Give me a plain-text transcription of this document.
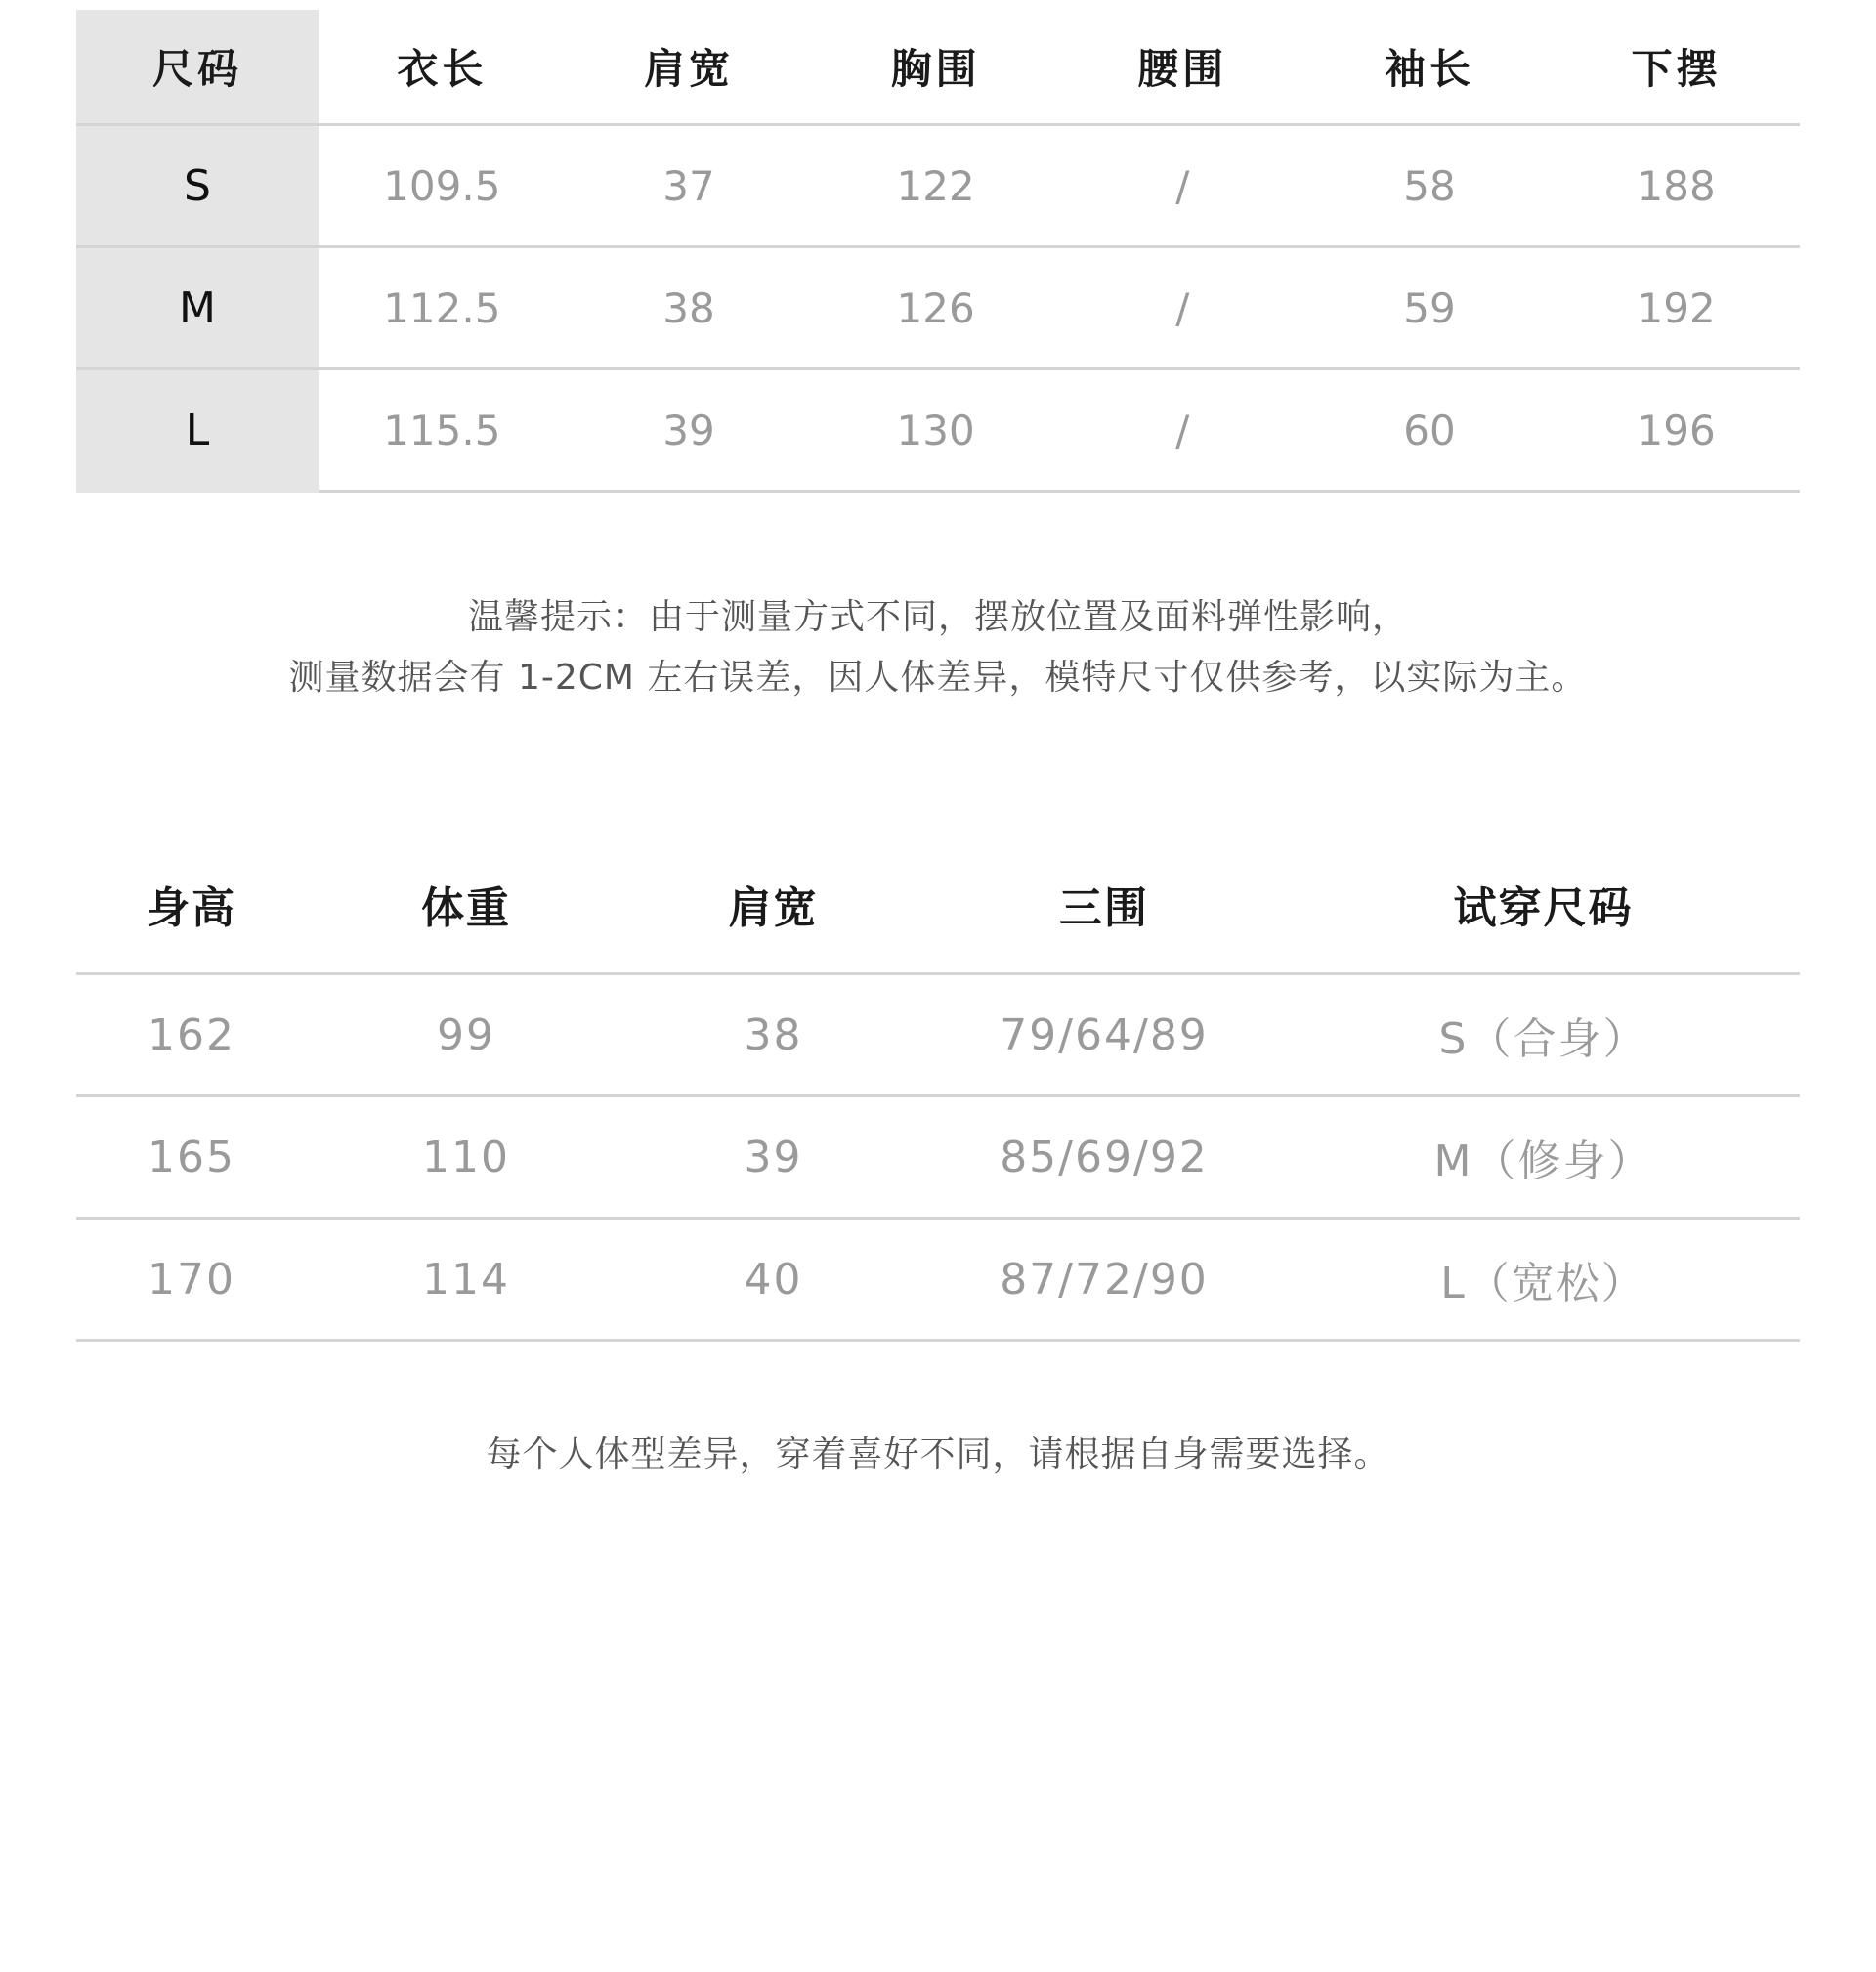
尺码	衣长	肩宽	胸围	腰围	袖长	下摆
S	109.5	37	122	/	58	188
M	112.5	38	126	/	59	192
L	115.5	39	130	/	60	196
温馨提示：由于测量方式不同，摆放位置及面料弹性影响，
测量数据会有 1-2CM 左右误差，因人体差异，模特尺寸仅供参考，以实际为主。
身高	体重	肩宽	三围	试穿尺码
162	99	38	79/64/89	S（合身）
165	110	39	85/69/92	M（修身）
170	114	40	87/72/90	L（宽松）
每个人体型差异，穿着喜好不同，请根据自身需要选择。
